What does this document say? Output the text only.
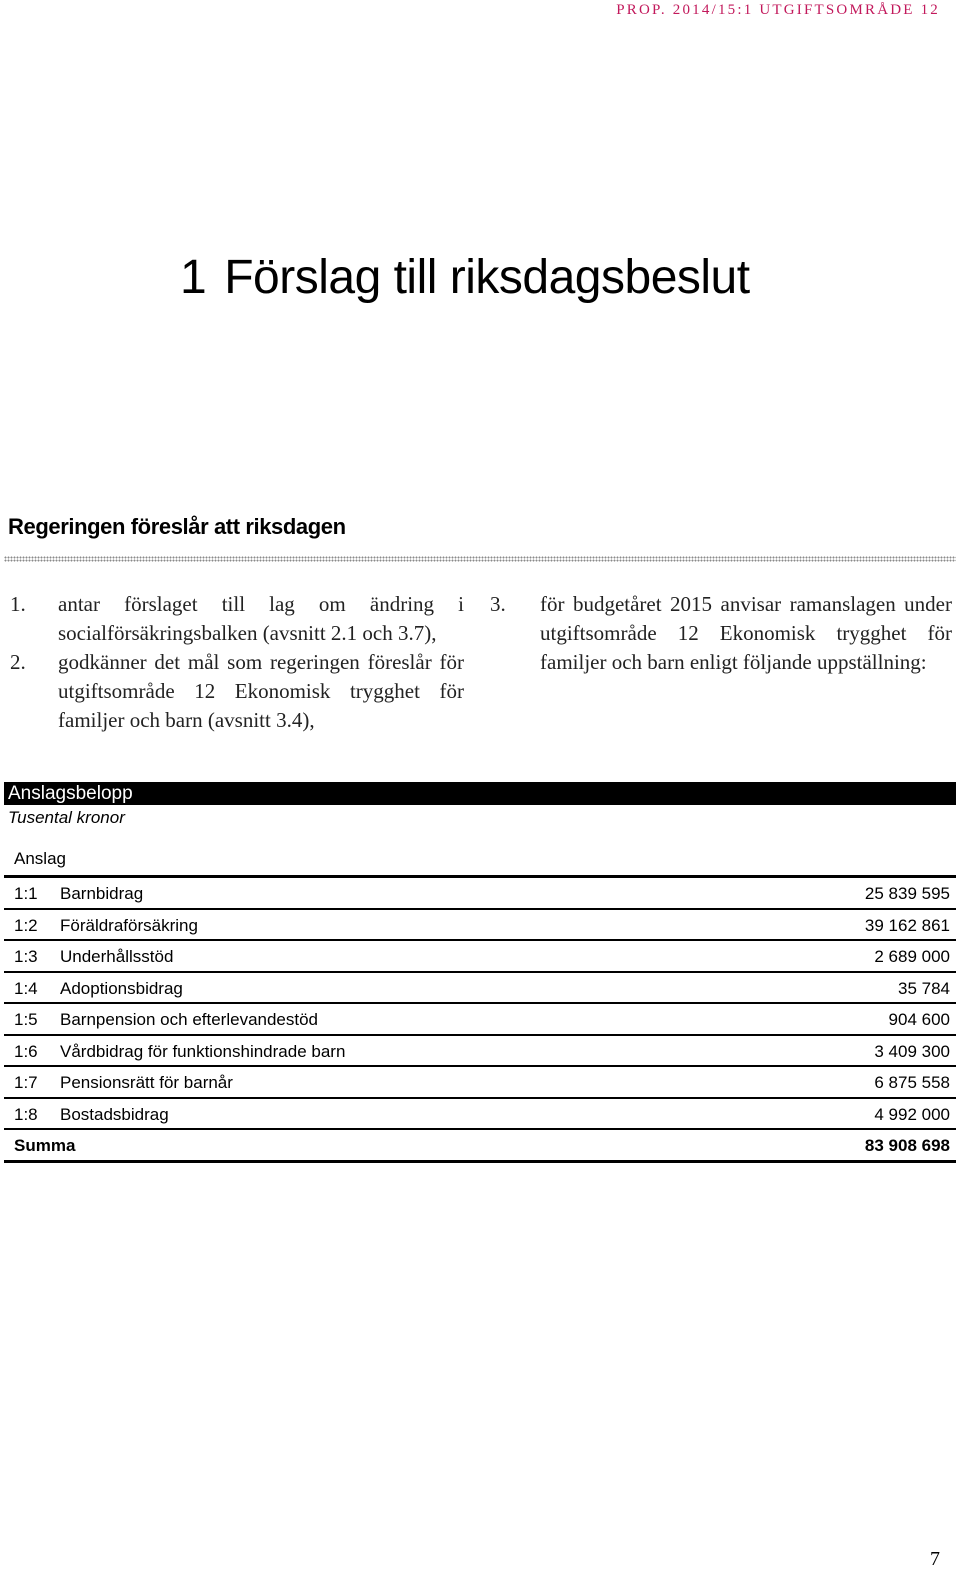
PROP. 2014/15:1 UTGIFTSOMRÅDE 12
1 Förslag till riksdagsbeslut
Regeringen föreslår att riksdagen
1.	antar förslaget till lag om ändring i socialförsäkringsbalken (avsnitt 2.1 och 3.7),
2.	godkänner det mål som regeringen föreslår för utgiftsområde 12 Ekonomisk trygghet för familjer och barn (avsnitt 3.4),
3.	för budgetåret 2015 anvisar ramanslagen under utgiftsområde 12 Ekonomisk trygghet för familjer och barn enligt följande uppställning:
Anslagsbelopp
Tusental kronor
Anslag
1:1	Barnbidrag	25 839 595
1:2	Föräldraförsäkring	39 162 861
1:3	Underhållsstöd	2 689 000
1:4	Adoptionsbidrag	35 784
1:5	Barnpension och efterlevandestöd	904 600
1:6	Vårdbidrag för funktionshindrade barn	3 409 300
1:7	Pensionsrätt för barnår	6 875 558
1:8	Bostadsbidrag	4 992 000
Summa	83 908 698
7
